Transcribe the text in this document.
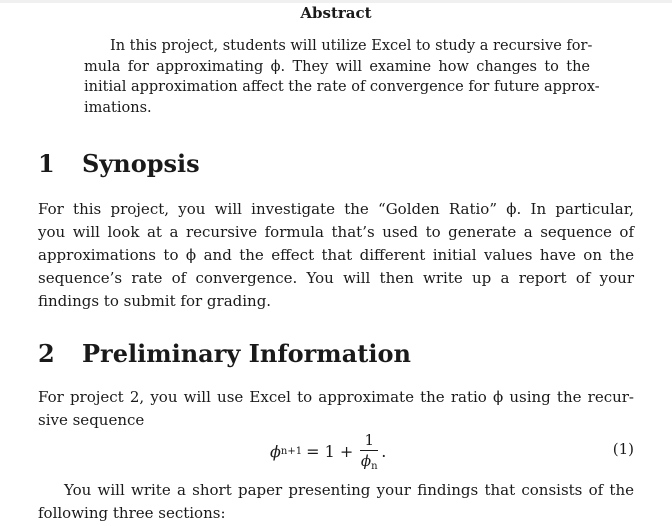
Abstract
In this project, students will utilize Excel to study a recursive for-
mula for approximating ϕ. They will examine how changes to the
initial approximation affect the rate of convergence for future approx-
imations.
1 Synopsis
For this project, you will investigate the “Golden Ratio” ϕ. In particular,
you will look at a recursive formula that’s used to generate a sequence of
approximations to ϕ and the effect that different initial values have on the
sequence’s rate of convergence. You will then write up a report of your
findings to submit for grading.
2 Preliminary Information
For project 2, you will use Excel to approximate the ratio ϕ using the recur-
sive sequence
ϕ $n+1 = 1 + \frac{1}{\phi_n}$ .	(1)
You will write a short paper presenting your findings that consists of the
following three sections:
